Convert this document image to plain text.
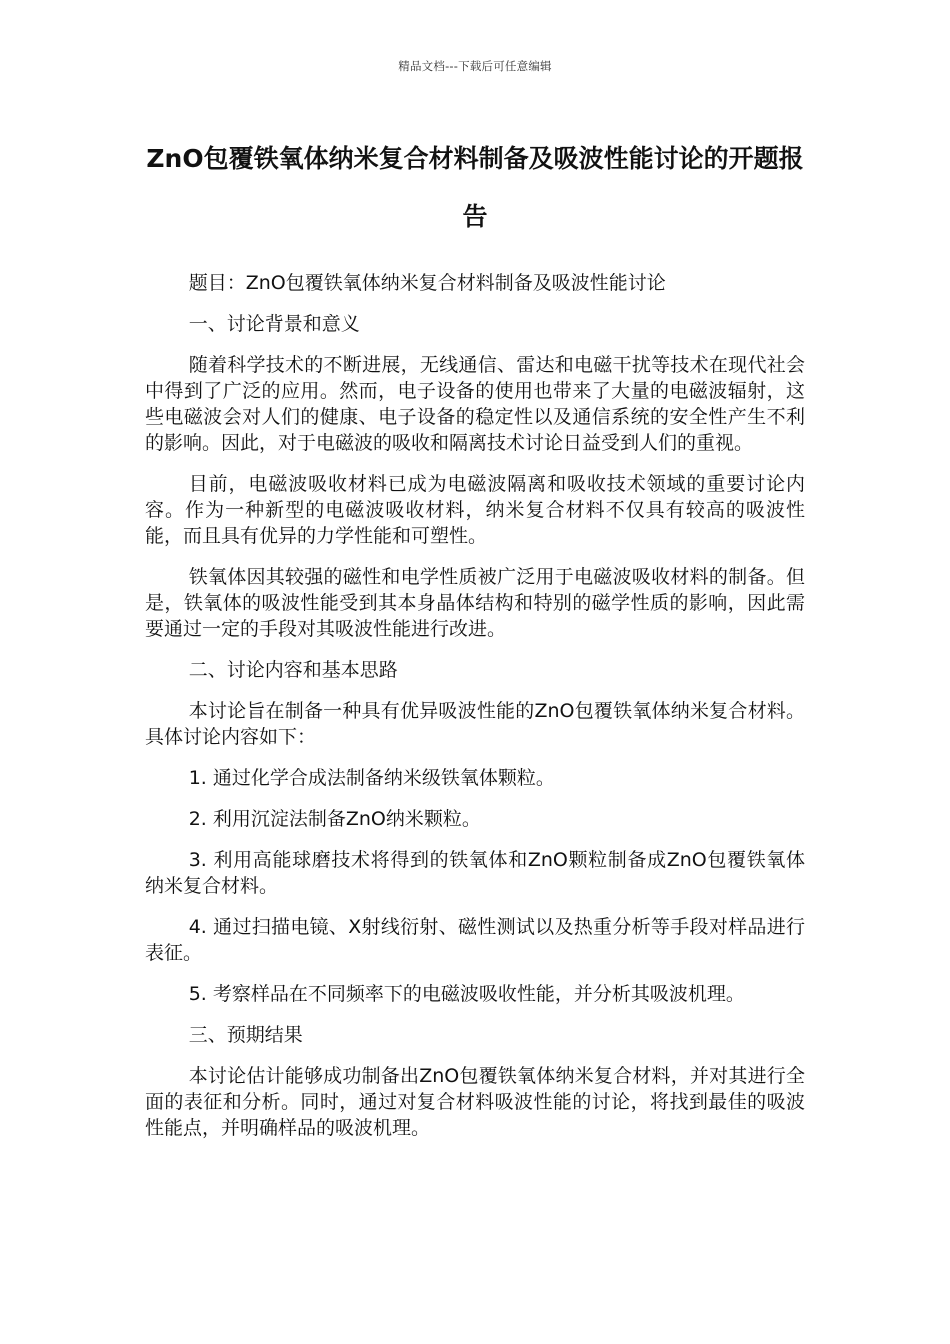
精品文档---下载后可任意编辑
ZnO包覆铁氧体纳米复合材料制备及吸波性能讨论的开题报告

题目：ZnO包覆铁氧体纳米复合材料制备及吸波性能讨论

一、讨论背景和意义

随着科学技术的不断进展，无线通信、雷达和电磁干扰等技术在现代社会中得到了广泛的应用。然而，电子设备的使用也带来了大量的电磁波辐射，这些电磁波会对人们的健康、电子设备的稳定性以及通信系统的安全性产生不利的影响。因此，对于电磁波的吸收和隔离技术讨论日益受到人们的重视。

目前，电磁波吸收材料已成为电磁波隔离和吸收技术领域的重要讨论内容。作为一种新型的电磁波吸收材料，纳米复合材料不仅具有较高的吸波性能，而且具有优异的力学性能和可塑性。

铁氧体因其较强的磁性和电学性质被广泛用于电磁波吸收材料的制备。但是，铁氧体的吸波性能受到其本身晶体结构和特别的磁学性质的影响，因此需要通过一定的手段对其吸波性能进行改进。

二、讨论内容和基本思路

本讨论旨在制备一种具有优异吸波性能的ZnO包覆铁氧体纳米复合材料。具体讨论内容如下：

1. 通过化学合成法制备纳米级铁氧体颗粒。

2. 利用沉淀法制备ZnO纳米颗粒。

3. 利用高能球磨技术将得到的铁氧体和ZnO颗粒制备成ZnO包覆铁氧体纳米复合材料。

4. 通过扫描电镜、X射线衍射、磁性测试以及热重分析等手段对样品进行表征。

5. 考察样品在不同频率下的电磁波吸收性能，并分析其吸波机理。

三、预期结果

本讨论估计能够成功制备出ZnO包覆铁氧体纳米复合材料，并对其进行全面的表征和分析。同时，通过对复合材料吸波性能的讨论，将找到最佳的吸波性能点，并明确样品的吸波机理。
